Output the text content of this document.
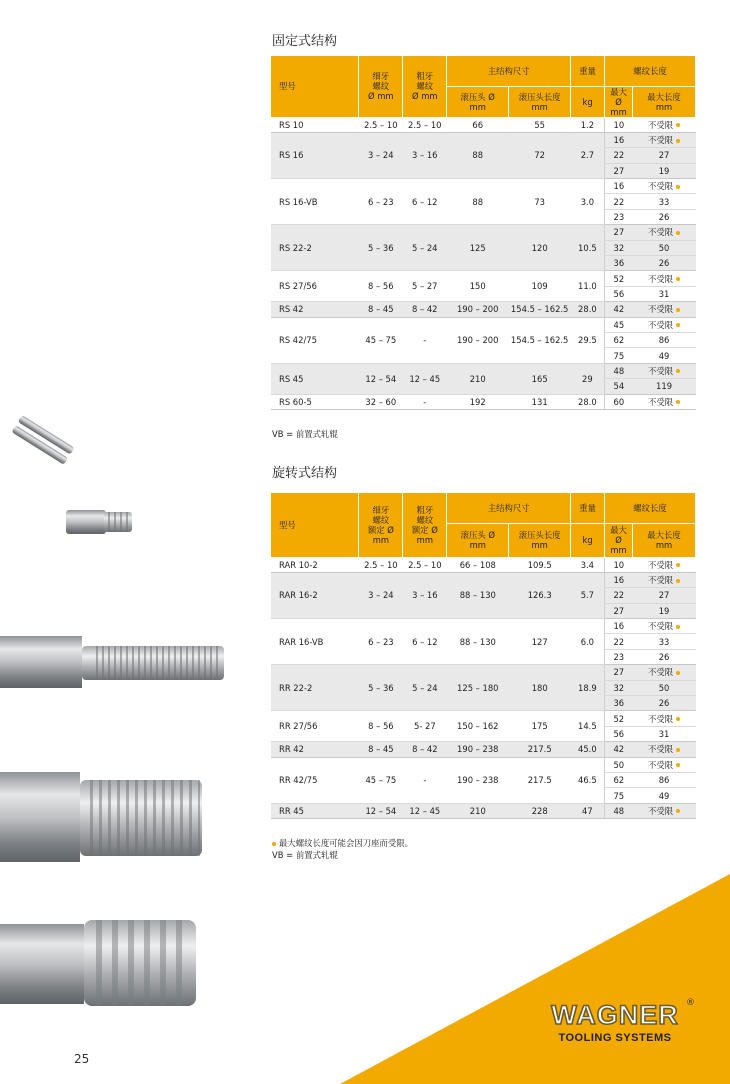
25
WAGNER ®
TOOLING SYSTEMS
固定式结构
型号	细牙
螺纹
Ø mm	粗牙
螺纹
Ø mm	主结构尺寸		重量	螺纹长度	
			滚压头 Ø
mm	滚压头长度
mm	kg	最大 Ø
mm	最大长度
mm
RS 10	2.5 – 10	2.5 – 10	66	55	1.2	10	不受限
RS 16	3 – 24	3 – 16	88	72	2.7	16	不受限
						22	27
						27	19
RS 16-VB	6 – 23	6 – 12	88	73	3.0	16	不受限
						22	33
						23	26
RS 22-2	5 – 36	5 – 24	125	120	10.5	27	不受限
						32	50
						36	26
RS 27/56	8 – 56	5 – 27	150	109	11.0	52	不受限
						56	31
RS 42	8 – 45	8 – 42	190 – 200	154.5 – 162.5	28.0	42	不受限
RS 42/75	45 – 75	-	190 – 200	154.5 – 162.5	29.5	45	不受限
						62	86
						75	49
RS 45	12 – 54	12 – 45	210	165	29	48	不受限
						54	119
RS 60-5	32 – 60	-	192	131	28.0	60	不受限
VB = 前置式轧辊
旋转式结构
型号	细牙
螺纹
额定 Ø
mm	粗牙
螺纹
额定 Ø
mm	主结构尺寸		重量	螺纹长度	
			滚压头 Ø
mm	滚压头长度
mm	kg	最大
Ø
mm	最大长度
mm
RAR 10-2	2.5 – 10	2.5 – 10	66 – 108	109.5	3.4	10	不受限
RAR 16-2	3 – 24	3 – 16	88 – 130	126.3	5.7	16	不受限
						22	27
						27	19
RAR 16-VB	6 – 23	6 – 12	88 – 130	127	6.0	16	不受限
						22	33
						23	26
RR 22-2	5 – 36	5 – 24	125 – 180	180	18.9	27	不受限
						32	50
						36	26
RR 27/56	8 – 56	5- 27	150 – 162	175	14.5	52	不受限
						56	31
RR 42	8 – 45	8 – 42	190 – 238	217.5	45.0	42	不受限
RR 42/75	45 – 75	-	190 – 238	217.5	46.5	50	不受限
						62	86
						75	49
RR 45	12 – 54	12 – 45	210	228	47	48	不受限
最大螺纹长度可能会因刀座而受限。
VB = 前置式轧辊
